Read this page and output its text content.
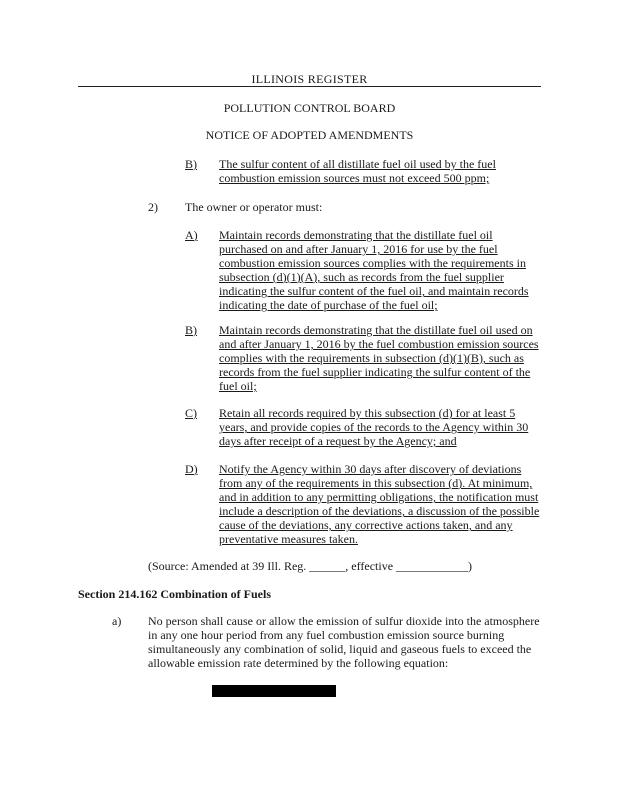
ILLINOIS REGISTER
POLLUTION CONTROL BOARD
NOTICE OF ADOPTED AMENDMENTS
B) The sulfur content of all distillate fuel oil used by the fuel
combustion emission sources must not exceed 500 ppm;
2) The owner or operator must:
A) Maintain records demonstrating that the distillate fuel oil
purchased on and after January 1, 2016 for use by the fuel
combustion emission sources complies with the requirements in
subsection (d)(1)(A), such as records from the fuel supplier
indicating the sulfur content of the fuel oil, and maintain records
indicating the date of purchase of the fuel oil;
B) Maintain records demonstrating that the distillate fuel oil used on
and after January 1, 2016 by the fuel combustion emission sources
complies with the requirements in subsection (d)(1)(B), such as
records from the fuel supplier indicating the sulfur content of the
fuel oil;
C) Retain all records required by this subsection (d) for at least 5
years, and provide copies of the records to the Agency within 30
days after receipt of a request by the Agency; and
D) Notify the Agency within 30 days after discovery of deviations
from any of the requirements in this subsection (d). At minimum,
and in addition to any permitting obligations, the notification must
include a description of the deviations, a discussion of the possible
cause of the deviations, any corrective actions taken, and any
preventative measures taken.
(Source: Amended at 39 Ill. Reg. ______, effective ____________)
Section 214.162 Combination of Fuels
a) No person shall cause or allow the emission of sulfur dioxide into the atmosphere
in any one hour period from any fuel combustion emission source burning
simultaneously any combination of solid, liquid and gaseous fuels to exceed the
allowable emission rate determined by the following equation:
